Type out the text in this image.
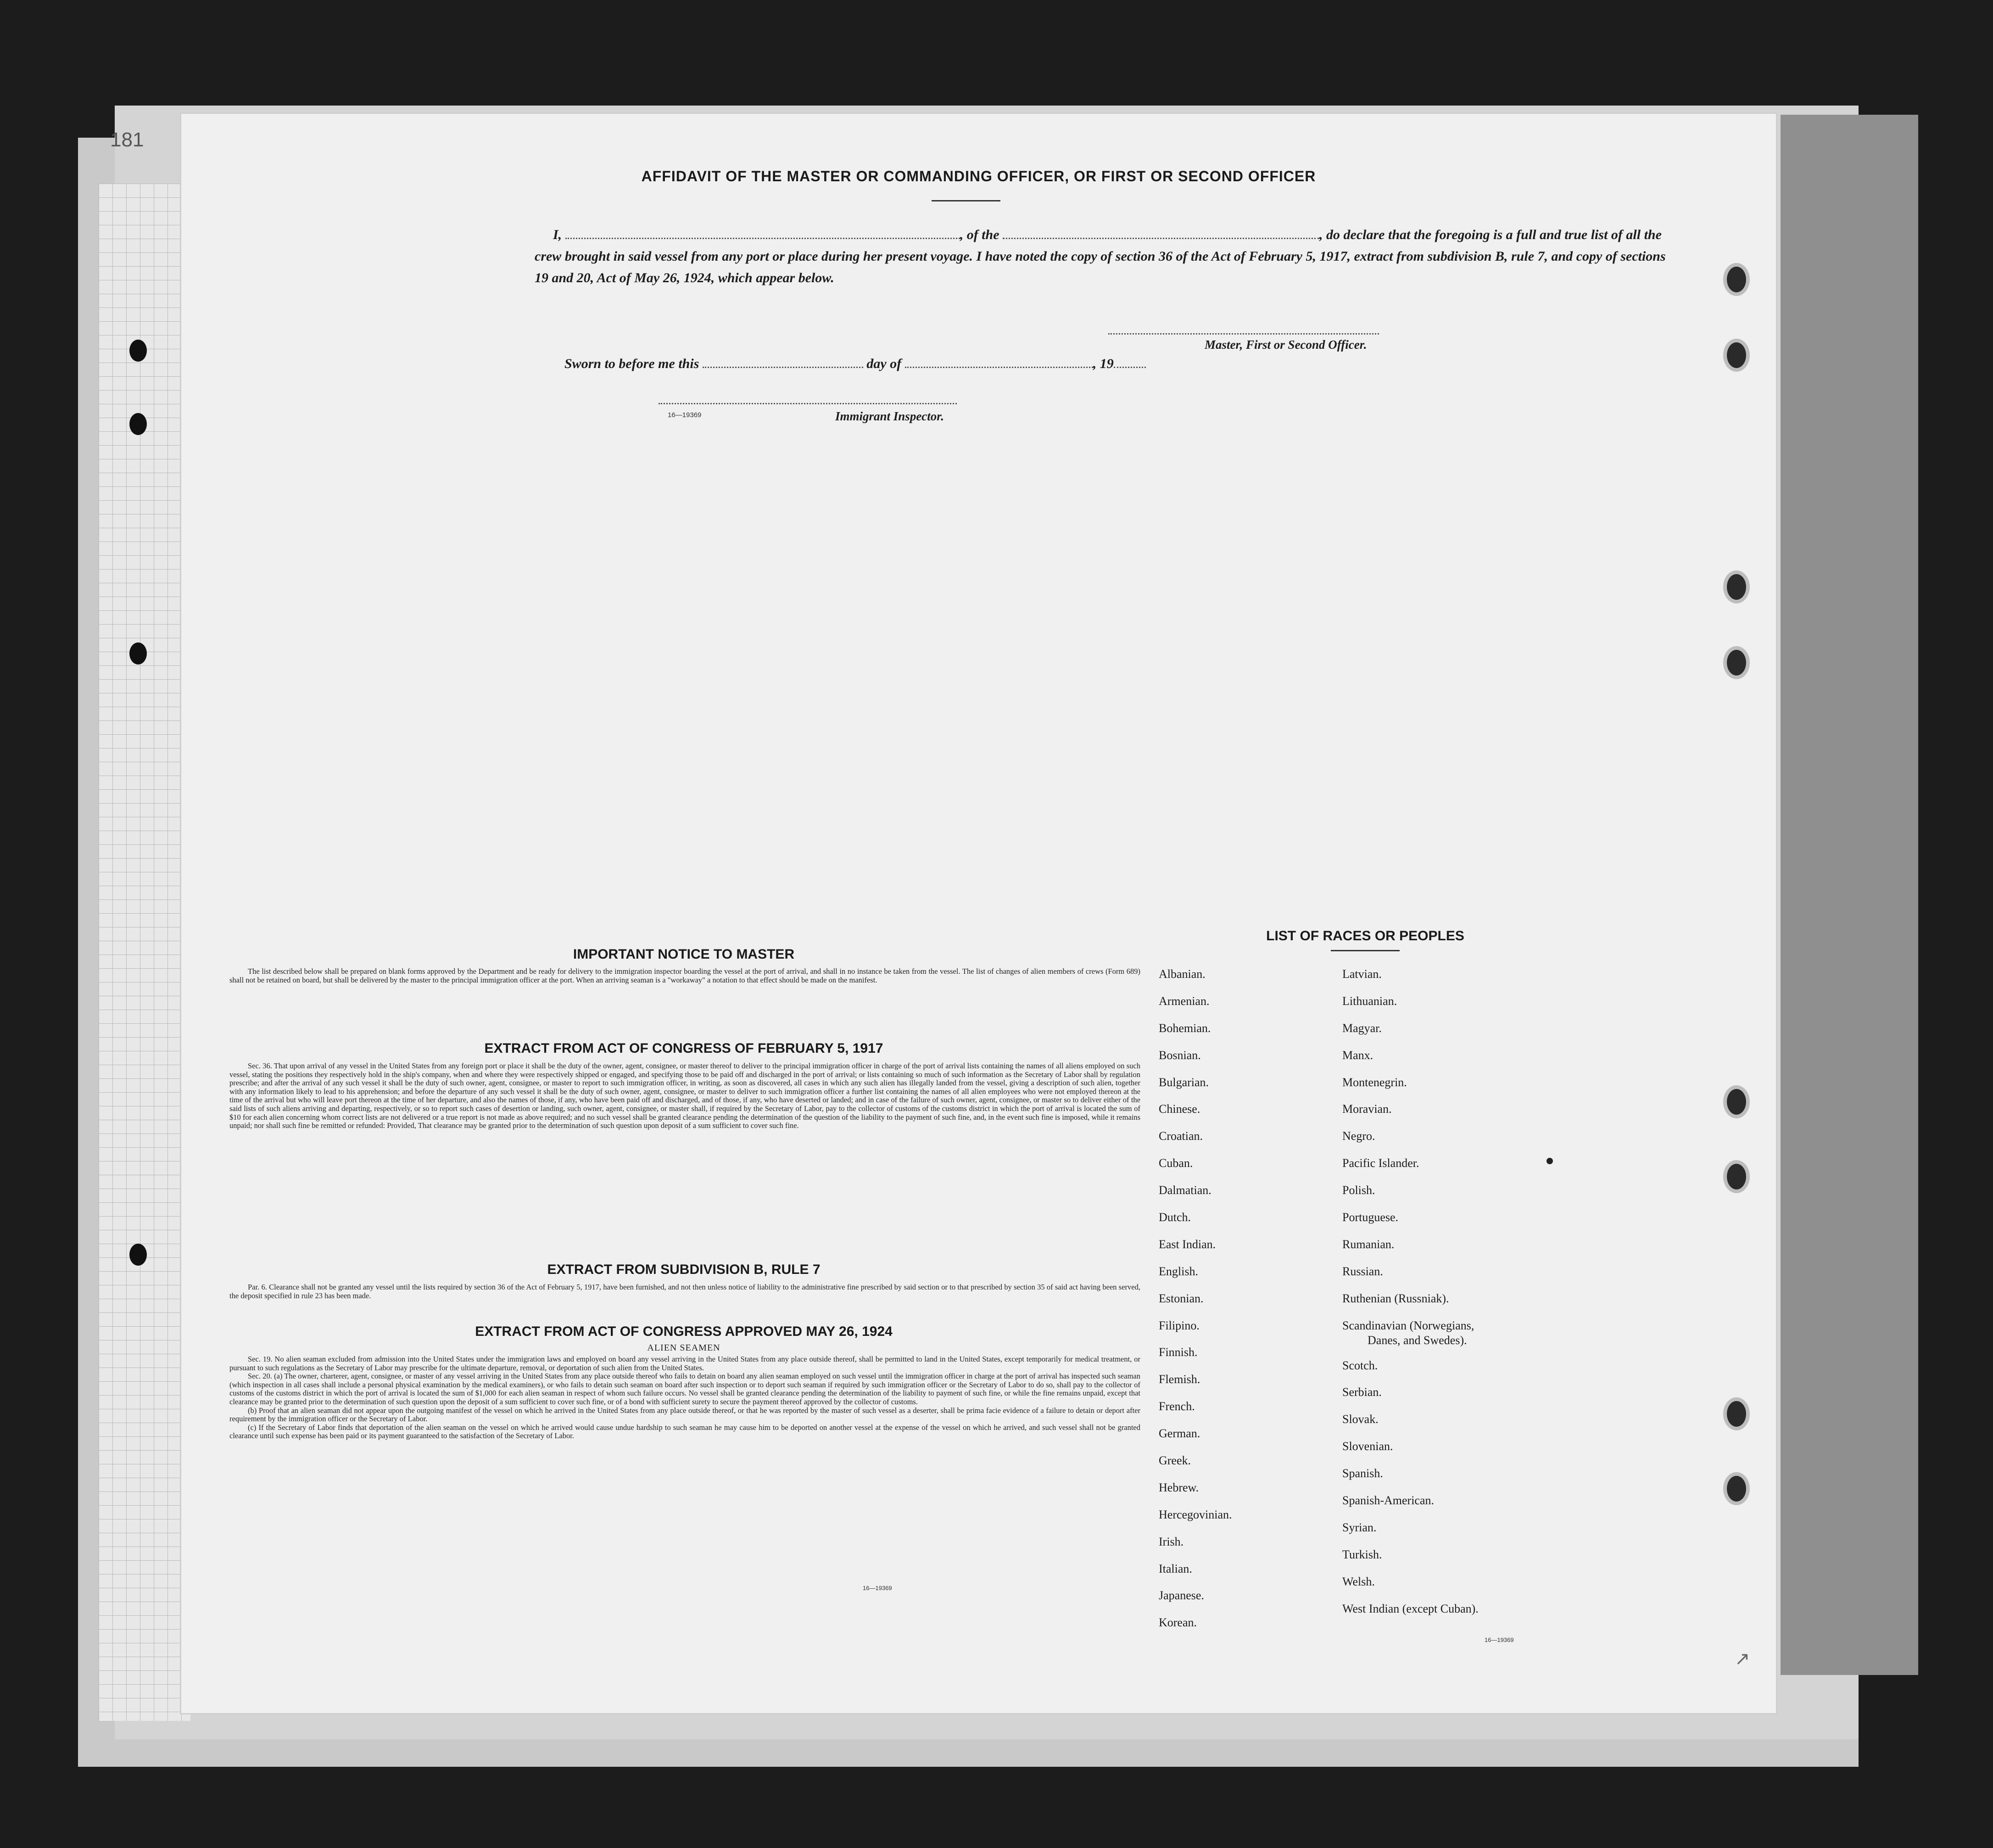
181
AFFIDAVIT OF THE MASTER OR COMMANDING OFFICER, OR FIRST OR SECOND OFFICER
I,	, of the	, do declare that the foregoing is a full and true list of all the crew brought in said vessel from any port or place during her present voyage. I have noted the copy of section 36 of the Act of February 5, 1917, extract from subdivision B, rule 7, and copy of sections 19 and 20, Act of May 26, 1924, which appear below.
Master, First or Second Officer.
Sworn to before me this	day of	, 19
16—19369	Immigrant Inspector.
IMPORTANT NOTICE TO MASTER

The list described below shall be prepared on blank forms approved by the Department and be ready for delivery to the immigration inspector boarding the vessel at the port of arrival, and shall in no instance be taken from the vessel. The list of changes of alien members of crews (Form 689) shall not be retained on board, but shall be delivered by the master to the principal immigration officer at the port. When an arriving seaman is a "workaway" a notation to that effect should be made on the manifest.

EXTRACT FROM ACT OF CONGRESS OF FEBRUARY 5, 1917

Sec. 36. That upon arrival of any vessel in the United States from any foreign port or place it shall be the duty of the owner, agent, consignee, or master thereof to deliver to the principal immigration officer in charge of the port of arrival lists containing the names of all aliens employed on such vessel, stating the positions they respectively hold in the ship's company, when and where they were respectively shipped or engaged, and specifying those to be paid off and discharged in the port of arrival; or lists containing so much of such information as the Secretary of Labor shall by regulation prescribe; and after the arrival of any such vessel it shall be the duty of such owner, agent, consignee, or master to report to such immigration officer, in writing, as soon as discovered, all cases in which any such alien has illegally landed from the vessel, giving a description of such alien, together with any information likely to lead to his apprehension; and before the departure of any such vessel it shall be the duty of such owner, agent, consignee, or master to deliver to such immigration officer a further list containing the names of all alien employees who were not employed thereon at the time of the arrival but who will leave port thereon at the time of her departure, and also the names of those, if any, who have been paid off and discharged, and of those, if any, who have deserted or landed; and in case of the failure of such owner, agent, consignee, or master so to deliver either of the said lists of such aliens arriving and departing, respectively, or so to report such cases of desertion or landing, such owner, agent, consignee, or master shall, if required by the Secretary of Labor, pay to the collector of customs of the customs district in which the port of arrival is located the sum of $10 for each alien concerning whom correct lists are not delivered or a true report is not made as above required; and no such vessel shall be granted clearance pending the determination of the question of the liability to the payment of such fine, and, in the event such fine is imposed, while it remains unpaid; nor shall such fine be remitted or refunded: Provided, That clearance may be granted prior to the determination of such question upon deposit of a sum sufficient to cover such fine.

EXTRACT FROM SUBDIVISION B, RULE 7

Par. 6. Clearance shall not be granted any vessel until the lists required by section 36 of the Act of February 5, 1917, have been furnished, and not then unless notice of liability to the administrative fine prescribed by said section or to that prescribed by section 35 of said act having been served, the deposit specified in rule 23 has been made.

EXTRACT FROM ACT OF CONGRESS APPROVED MAY 26, 1924
ALIEN SEAMEN

Sec. 19. No alien seaman excluded from admission into the United States under the immigration laws and employed on board any vessel arriving in the United States from any place outside thereof, shall be permitted to land in the United States, except temporarily for medical treatment, or pursuant to such regulations as the Secretary of Labor may prescribe for the ultimate departure, removal, or deportation of such alien from the United States.

Sec. 20. (a) The owner, charterer, agent, consignee, or master of any vessel arriving in the United States from any place outside thereof who fails to detain on board any alien seaman employed on such vessel until the immigration officer in charge at the port of arrival has inspected such seaman (which inspection in all cases shall include a personal physical examination by the medical examiners), or who fails to detain such seaman on board after such inspection or to deport such seaman if required by such immigration officer or the Secretary of Labor to do so, shall pay to the collector of customs of the customs district in which the port of arrival is located the sum of $1,000 for each alien seaman in respect of whom such failure occurs. No vessel shall be granted clearance pending the determination of the liability to payment of such fine, or while the fine remains unpaid, except that clearance may be granted prior to the determination of such question upon the deposit of a sum sufficient to cover such fine, or of a bond with sufficient surety to secure the payment thereof approved by the collector of customs.

(b) Proof that an alien seaman did not appear upon the outgoing manifest of the vessel on which he arrived in the United States from any place outside thereof, or that he was reported by the master of such vessel as a deserter, shall be prima facie evidence of a failure to detain or deport after requirement by the immigration officer or the Secretary of Labor.

(c) If the Secretary of Labor finds that deportation of the alien seaman on the vessel on which he arrived would cause undue hardship to such seaman he may cause him to be deported on another vessel at the expense of the vessel on which he arrived, and such vessel shall not be granted clearance until such expense has been paid or its payment guaranteed to the satisfaction of the Secretary of Labor.

16—19369
LIST OF RACES OR PEOPLES
Albanian.
Armenian.
Bohemian.
Bosnian.
Bulgarian.
Chinese.
Croatian.
Cuban.
Dalmatian.
Dutch.
East Indian.
English.
Estonian.
Filipino.
Finnish.
Flemish.
French.
German.
Greek.
Hebrew.
Hercegovinian.
Irish.
Italian.
Japanese.
Korean.
Latvian.
Lithuanian.
Magyar.
Manx.
Montenegrin.
Moravian.
Negro.
Pacific Islander.
Polish.
Portuguese.
Rumanian.
Russian.
Ruthenian (Russniak).
Scandinavian (Norwegians,
Danes, and Swedes).
Scotch.
Serbian.
Slovak.
Slovenian.
Spanish.
Spanish-American.
Syrian.
Turkish.
Welsh.
West Indian (except Cuban).
16—19369
↗
